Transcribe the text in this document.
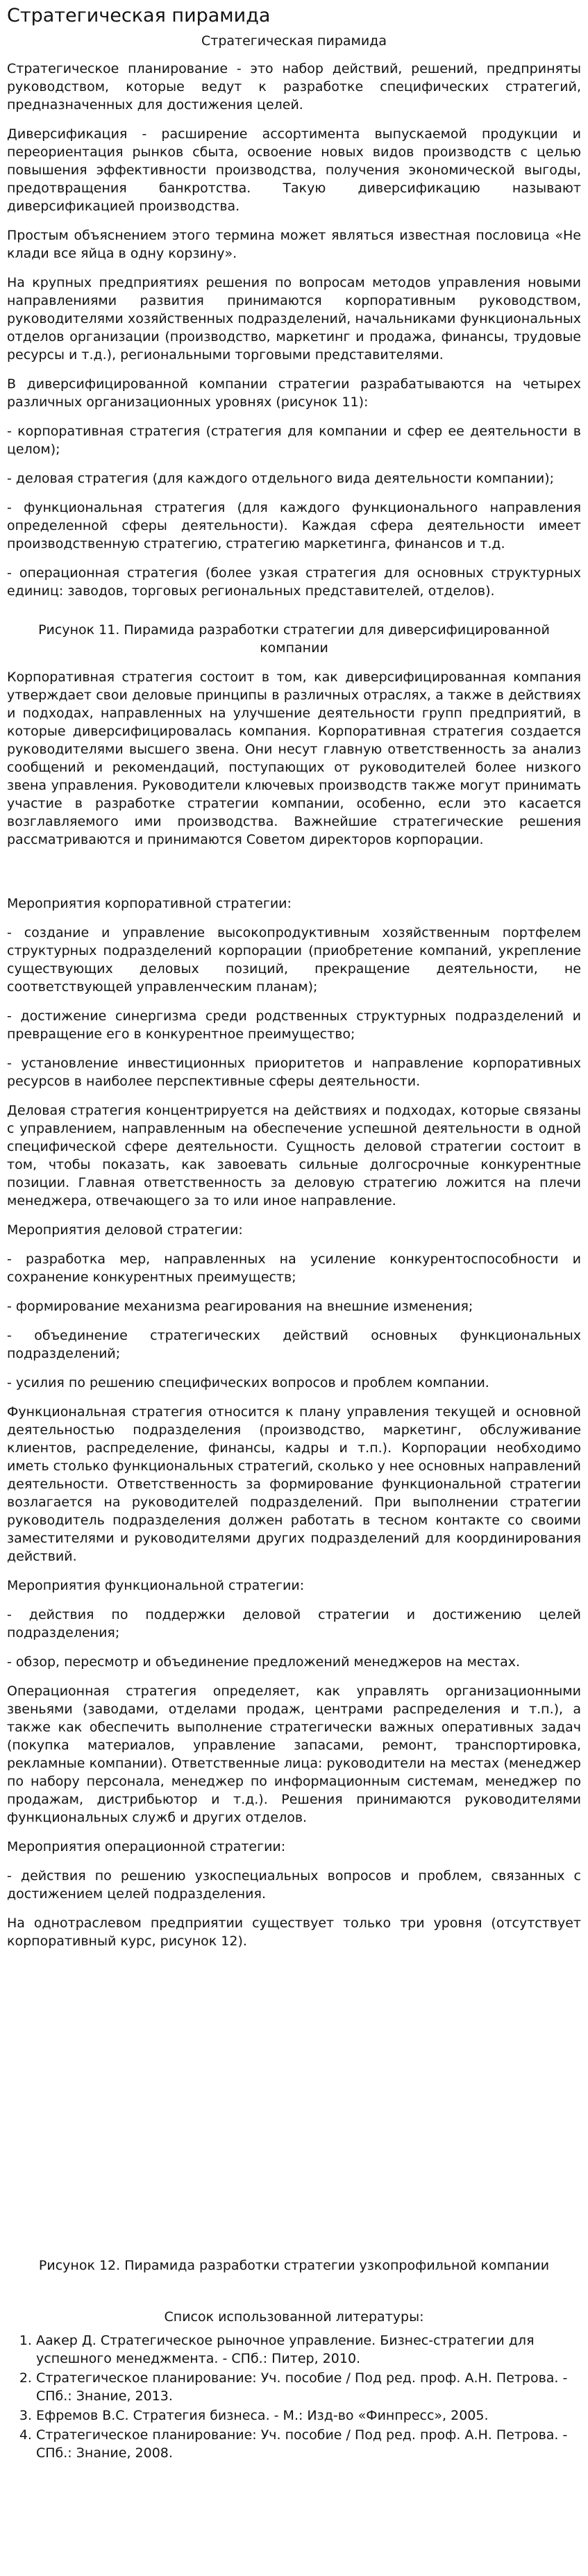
Стратегическая пирамида
Стратегическая пирамида

Стратегическое планирование - это набор действий, решений, предприняты руководством, которые ведут к разработке специфических стратегий, предназначенных для достижения целей.

Диверсификация - расширение ассортимента выпускаемой продукции и переориентация рынков сбыта, освоение новых видов производств с целью повышения эффективности производства, получения экономической выгоды, предотвращения банкротства. Такую диверсификацию называют диверсификацией производства.

Простым объяснением этого термина может являться известная пословица «Не клади все яйца в одну корзину».

На крупных предприятиях решения по вопросам методов управления новыми направлениями развития принимаются корпоративным руководством, руководителями хозяйственных подразделений, начальниками функциональных отделов организации (производство, маркетинг и продажа, финансы, трудовые ресурсы и т.д.), региональными торговыми представителями.

В диверсифицированной компании стратегии разрабатываются на четырех различных организационных уровнях (рисунок 11):

- корпоративная стратегия (стратегия для компании и сфер ее деятельности в целом);

- деловая стратегия (для каждого отдельного вида деятельности компании);

- функциональная стратегия (для каждого функционального направления определенной сферы деятельности). Каждая сфера деятельности имеет производственную стратегию, стратегию маркетинга, финансов и т.д.

- операционная стратегия (более узкая стратегия для основных структурных единиц: заводов, торговых региональных представителей, отделов).

Рисунок 11. Пирамида разработки стратегии для диверсифицированной компании

Корпоративная стратегия состоит в том, как диверсифицированная компания утверждает свои деловые принципы в различных отраслях, а также в действиях и подходах, направленных на улучшение деятельности групп предприятий, в которые диверсифицировалась компания. Корпоративная стратегия создается руководителями высшего звена. Они несут главную ответственность за анализ сообщений и рекомендаций, поступающих от руководителей более низкого звена управления. Руководители ключевых производств также могут принимать участие в разработке стратегии компании, особенно, если это касается возглавляемого ими производства. Важнейшие стратегические решения рассматриваются и принимаются Советом директоров корпорации.

Мероприятия корпоративной стратегии:

- создание и управление высокопродуктивным хозяйственным портфелем структурных подразделений корпорации (приобретение компаний, укрепление существующих деловых позиций, прекращение деятельности, не соответствующей управленческим планам);

- достижение синергизма среди родственных структурных подразделений и превращение его в конкурентное преимущество;

- установление инвестиционных приоритетов и направление корпоративных ресурсов в наиболее перспективные сферы деятельности.

Деловая стратегия концентрируется на действиях и подходах, которые связаны с управлением, направленным на обеспечение успешной деятельности в одной специфической сфере деятельности. Сущность деловой стратегии состоит в том, чтобы показать, как завоевать сильные долгосрочные конкурентные позиции. Главная ответственность за деловую стратегию ложится на плечи менеджера, отвечающего за то или иное направление.

Мероприятия деловой стратегии:

- разработка мер, направленных на усиление конкурентоспособности и сохранение конкурентных преимуществ;

- формирование механизма реагирования на внешние изменения;

- объединение стратегических действий основных функциональных подразделений;

- усилия по решению специфических вопросов и проблем компании.

Функциональная стратегия относится к плану управления текущей и основной деятельностью подразделения (производство, маркетинг, обслуживание клиентов, распределение, финансы, кадры и т.п.). Корпорации необходимо иметь столько функциональных стратегий, сколько у нее основных направлений деятельности. Ответственность за формирование функциональной стратегии возлагается на руководителей подразделений. При выполнении стратегии руководитель подразделения должен работать в тесном контакте со своими заместителями и руководителями других подразделений для координирования действий.

Мероприятия функциональной стратегии:

- действия по поддержки деловой стратегии и достижению целей подразделения;

- обзор, пересмотр и объединение предложений менеджеров на местах.

Операционная стратегия определяет, как управлять организационными звеньями (заводами, отделами продаж, центрами распределения и т.п.), а также как обеспечить выполнение стратегически важных оперативных задач (покупка материалов, управление запасами, ремонт, транспортировка, рекламные компании). Ответственные лица: руководители на местах (менеджер по набору персонала, менеджер по информационным системам, менеджер по продажам, дистрибьютор и т.д.). Решения принимаются руководителями функциональных служб и других отделов.

Мероприятия операционной стратегии:

- действия по решению узкоспециальных вопросов и проблем, связанных с достижением целей подразделения.

На однотраслевом предприятии существует только три уровня (отсутствует корпоративный курс, рисунок 12).

Рисунок 12. Пирамида разработки стратегии узкопрофильной компании
Список использованной литературы:
1. Аакер Д. Стратегическое рыночное управление. Бизнес-стратегии для успешного менеджмента. - СПб.: Питер, 2010.
2. Стратегическое планирование: Уч. пособие / Под ред. проф. А.Н. Петрова. - СПб.: Знание, 2013.
3. Ефремов В.С. Стратегия бизнеса. - М.: Изд-во «Финпресс», 2005.
4. Стратегическое планирование: Уч. пособие / Под ред. проф. А.Н. Петрова. - СПб.: Знание, 2008.
